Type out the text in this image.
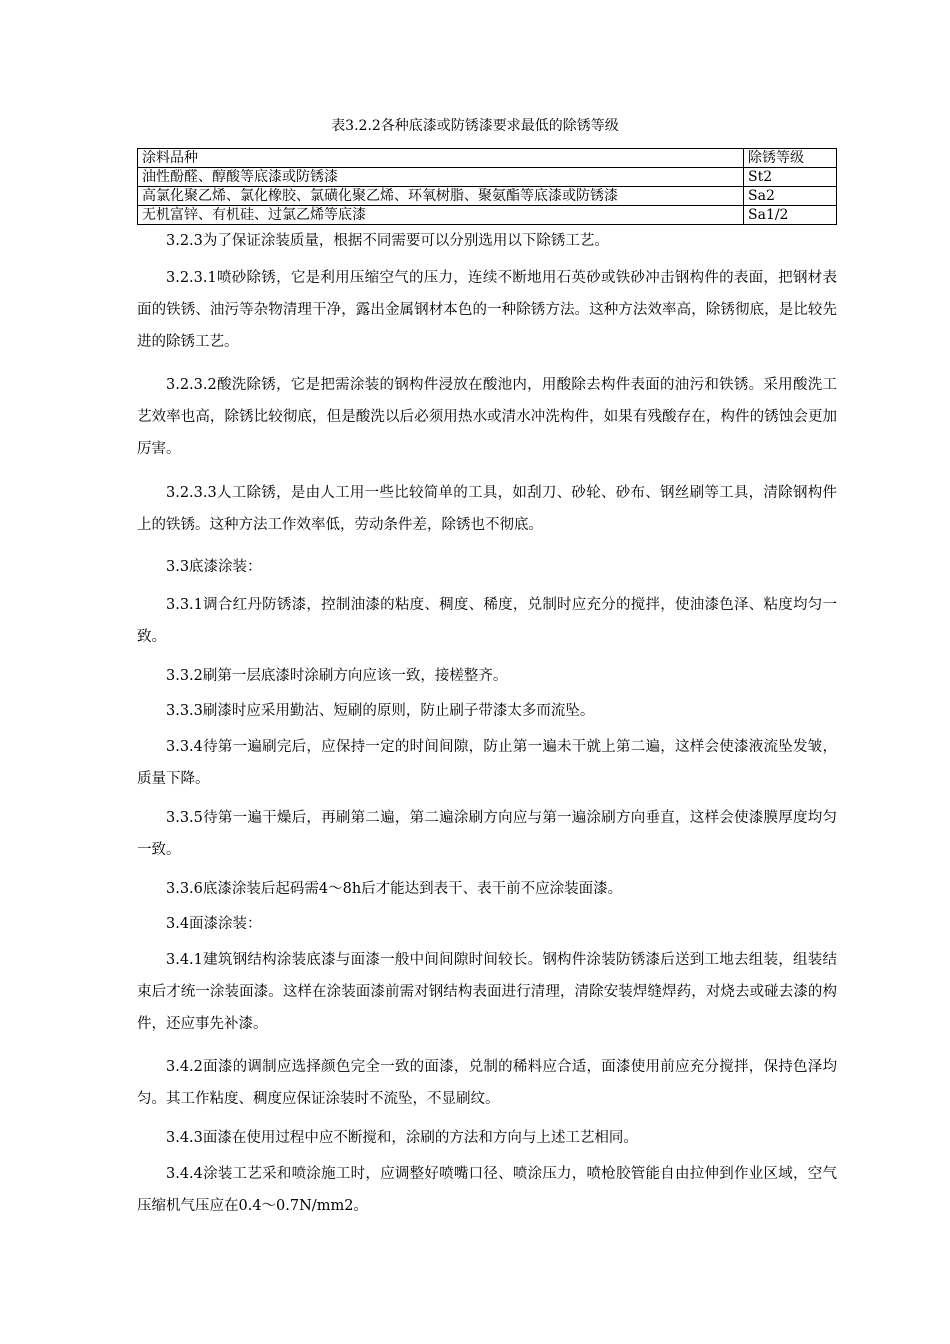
表3.2.2各种底漆或防锈漆要求最低的除锈等级
涂料品种	除锈等级
油性酚醛、醇酸等底漆或防锈漆	St2
高氯化聚乙烯、氯化橡胶、氯磺化聚乙烯、环氧树脂、聚氨酯等底漆或防锈漆	Sa2
无机富锌、有机硅、过氯乙烯等底漆	Sa1/2

3.2.3为了保证涂装质量，根据不同需要可以分别选用以下除锈工艺。

3.2.3.1喷砂除锈，它是利用压缩空气的压力，连续不断地用石英砂或铁砂冲击钢构件的表面，把钢材表面的铁锈、油污等杂物清理干净，露出金属钢材本色的一种除锈方法。这种方法效率高，除锈彻底，是比较先进的除锈工艺。

3.2.3.2酸洗除锈，它是把需涂装的钢构件浸放在酸池内，用酸除去构件表面的油污和铁锈。采用酸洗工艺效率也高，除锈比较彻底，但是酸洗以后必须用热水或清水冲洗构件，如果有残酸存在，构件的锈蚀会更加厉害。

3.2.3.3人工除锈，是由人工用一些比较简单的工具，如刮刀、砂轮、砂布、钢丝刷等工具，清除钢构件上的铁锈。这种方法工作效率低，劳动条件差，除锈也不彻底。

3.3底漆涂装：

3.3.1调合红丹防锈漆，控制油漆的粘度、稠度、稀度，兑制时应充分的搅拌，使油漆色泽、粘度均匀一致。

3.3.2刷第一层底漆时涂刷方向应该一致，接槎整齐。

3.3.3刷漆时应采用勤沾、短刷的原则，防止刷子带漆太多而流坠。

3.3.4待第一遍刷完后，应保持一定的时间间隙，防止第一遍未干就上第二遍，这样会使漆液流坠发皱，质量下降。

3.3.5待第一遍干燥后，再刷第二遍，第二遍涂刷方向应与第一遍涂刷方向垂直，这样会使漆膜厚度均匀一致。

3.3.6底漆涂装后起码需4～8h后才能达到表干、表干前不应涂装面漆。

3.4面漆涂装：

3.4.1建筑钢结构涂装底漆与面漆一般中间间隙时间较长。钢构件涂装防锈漆后送到工地去组装，组装结束后才统一涂装面漆。这样在涂装面漆前需对钢结构表面进行清理，清除安装焊缝焊药，对烧去或碰去漆的构件，还应事先补漆。

3.4.2面漆的调制应选择颜色完全一致的面漆，兑制的稀料应合适，面漆使用前应充分搅拌，保持色泽均匀。其工作粘度、稠度应保证涂装时不流坠，不显刷纹。

3.4.3面漆在使用过程中应不断搅和，涂刷的方法和方向与上述工艺相同。

3.4.4涂装工艺采和喷涂施工时，应调整好喷嘴口径、喷涂压力，喷枪胶管能自由拉伸到作业区域，空气压缩机气压应在0.4～0.7N/mm2。
